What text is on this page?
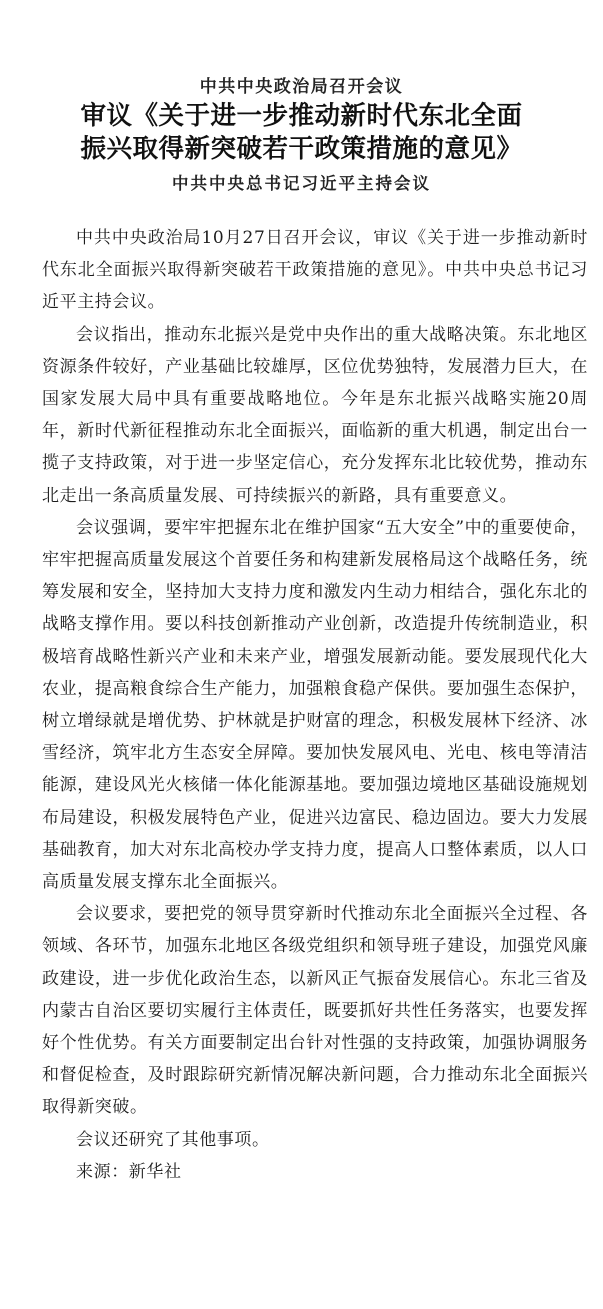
中共中央政治局召开会议
审议《关于进一步推动新时代东北全面
振兴取得新突破若干政策措施的意见》
中共中央总书记习近平主持会议

中共中央政治局10月27日召开会议，审议《关于进一步推动新时代东北全面振兴取得新突破若干政策措施的意见》。中共中央总书记习近平主持会议。

会议指出，推动东北振兴是党中央作出的重大战略决策。东北地区资源条件较好，产业基础比较雄厚，区位优势独特，发展潜力巨大，在国家发展大局中具有重要战略地位。今年是东北振兴战略实施20周年，新时代新征程推动东北全面振兴，面临新的重大机遇，制定出台一揽子支持政策，对于进一步坚定信心，充分发挥东北比较优势，推动东北走出一条高质量发展、可持续振兴的新路，具有重要意义。

会议强调，要牢牢把握东北在维护国家“五大安全”中的重要使命，牢牢把握高质量发展这个首要任务和构建新发展格局这个战略任务，统筹发展和安全，坚持加大支持力度和激发内生动力相结合，强化东北的战略支撑作用。要以科技创新推动产业创新，改造提升传统制造业，积极培育战略性新兴产业和未来产业，增强发展新动能。要发展现代化大农业，提高粮食综合生产能力，加强粮食稳产保供。要加强生态保护，树立增绿就是增优势、护林就是护财富的理念，积极发展林下经济、冰雪经济，筑牢北方生态安全屏障。要加快发展风电、光电、核电等清洁能源，建设风光火核储一体化能源基地。要加强边境地区基础设施规划布局建设，积极发展特色产业，促进兴边富民、稳边固边。要大力发展基础教育，加大对东北高校办学支持力度，提高人口整体素质，以人口高质量发展支撑东北全面振兴。

会议要求，要把党的领导贯穿新时代推动东北全面振兴全过程、各领域、各环节，加强东北地区各级党组织和领导班子建设，加强党风廉政建设，进一步优化政治生态，以新风正气振奋发展信心。东北三省及内蒙古自治区要切实履行主体责任，既要抓好共性任务落实，也要发挥好个性优势。有关方面要制定出台针对性强的支持政策，加强协调服务和督促检查，及时跟踪研究新情况解决新问题，合力推动东北全面振兴取得新突破。

会议还研究了其他事项。

来源：新华社
